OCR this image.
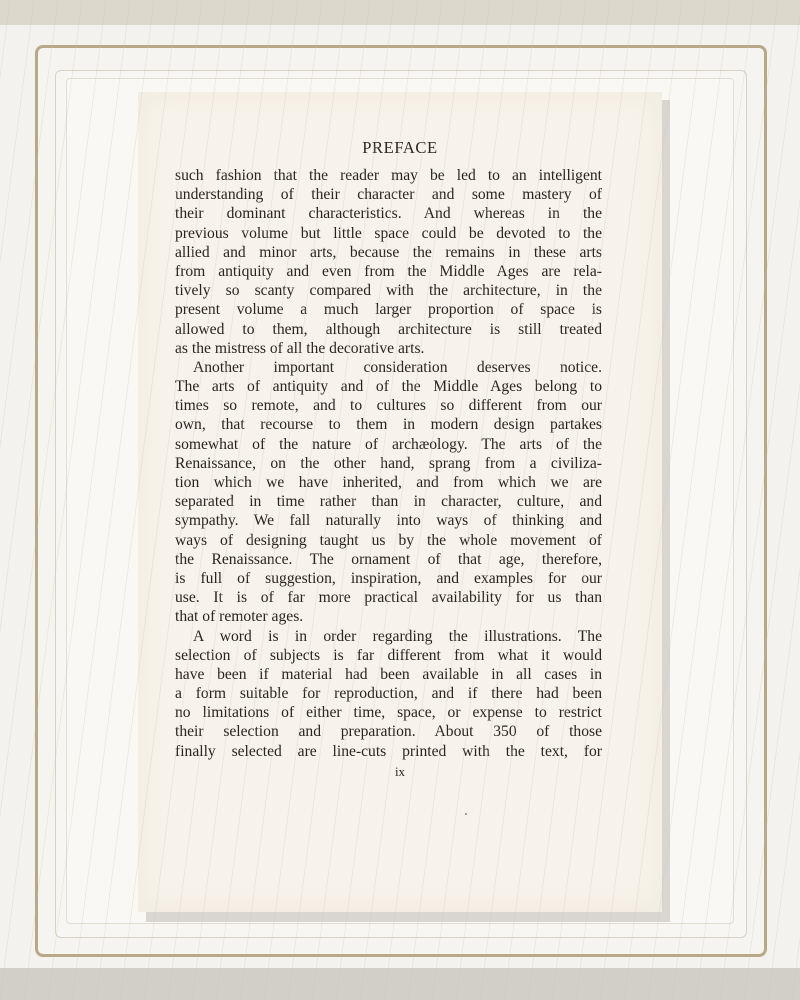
PREFACE
such fashion that the reader may be led to an intelligent
understanding of their character and some mastery of
their dominant characteristics. And whereas in the
previous volume but little space could be devoted to the
allied and minor arts, because the remains in these arts
from antiquity and even from the Middle Ages are rela-
tively so scanty compared with the architecture, in the
present volume a much larger proportion of space is
allowed to them, although architecture is still treated
as the mistress of all the decorative arts.
Another important consideration deserves notice.
The arts of antiquity and of the Middle Ages belong to
times so remote, and to cultures so different from our
own, that recourse to them in modern design partakes
somewhat of the nature of archæology. The arts of the
Renaissance, on the other hand, sprang from a civiliza-
tion which we have inherited, and from which we are
separated in time rather than in character, culture, and
sympathy. We fall naturally into ways of thinking and
ways of designing taught us by the whole movement of
the Renaissance. The ornament of that age, therefore,
is full of suggestion, inspiration, and examples for our
use. It is of far more practical availability for us than
that of remoter ages.
A word is in order regarding the illustrations. The
selection of subjects is far different from what it would
have been if material had been available in all cases in
a form suitable for reproduction, and if there had been
no limitations of either time, space, or expense to restrict
their selection and preparation. About 350 of those
finally selected are line-cuts printed with the text, for
ix
